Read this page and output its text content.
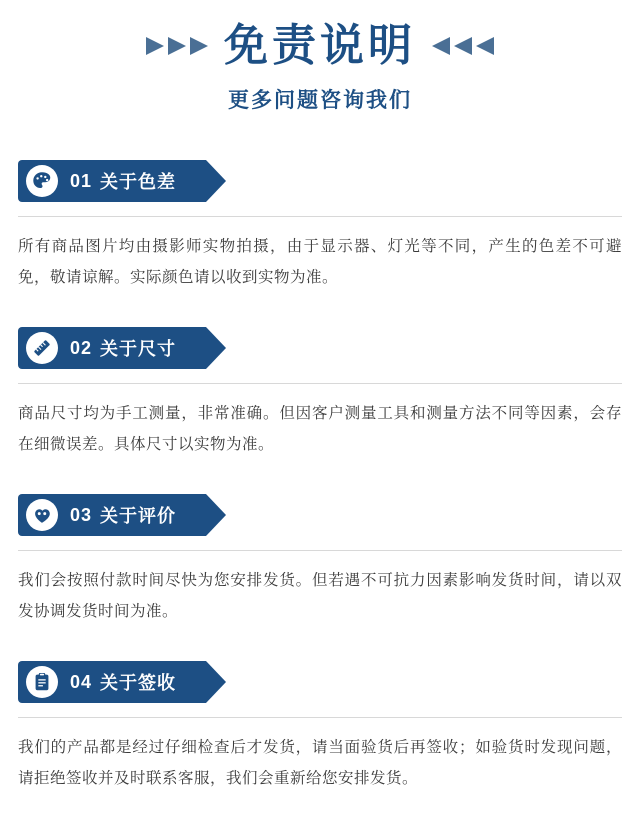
免责说明
更多问题咨询我们
01 关于色差
所有商品图片均由摄影师实物拍摄，由于显示器、灯光等不同，产生的色差不可避免，敬请谅解。实际颜色请以收到实物为准。
02 关于尺寸
商品尺寸均为手工测量，非常准确。但因客户测量工具和测量方法不同等因素，会存在细微误差。具体尺寸以实物为准。
03 关于评价
我们会按照付款时间尽快为您安排发货。但若遇不可抗力因素影响发货时间，请以双发协调发货时间为准。
04 关于签收
我们的产品都是经过仔细检查后才发货，请当面验货后再签收；如验货时发现问题，请拒绝签收并及时联系客服，我们会重新给您安排发货。
